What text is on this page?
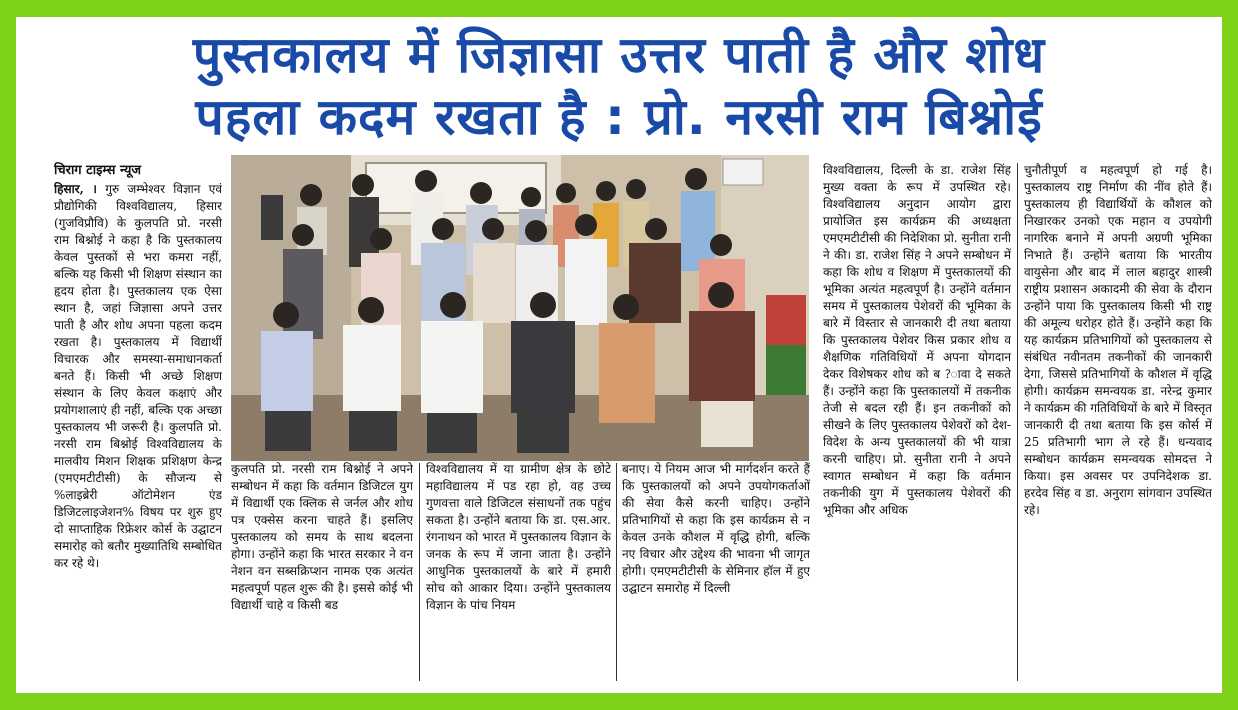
पुस्तकालय में जिज्ञासा उत्तर पाती है और शोध
पहला कदम रखता है : प्रो. नरसी राम बिश्नोई

चिराग टाइम्स न्यूज

हिसार, । गुरु जम्भेश्वर विज्ञान एवं प्रौद्योगिकी विश्वविद्यालय, हिसार (गुजविप्रौवि) के कुलपति प्रो. नरसी राम बिश्नोई ने कहा है कि पुस्तकालय केवल पुस्तकों से भरा कमरा नहीं, बल्कि यह किसी भी शिक्षण संस्थान का हृदय होता है। पुस्तकालय एक ऐसा स्थान है, जहां जिज्ञासा अपने उत्तर पाती है और शोध अपना पहला कदम रखता है। पुस्तकालय में विद्यार्थी विचारक और समस्या-समाधानकर्ता बनते हैं। किसी भी अच्छे शिक्षण संस्थान के लिए केवल कक्षाएं और प्रयोगशालाएं ही नहीं, बल्कि एक अच्छा पुस्तकालय भी जरूरी है। कुलपति प्रो. नरसी राम बिश्नोई विश्वविद्यालय के मालवीय मिशन शिक्षक प्रशिक्षण केन्द्र (एमएमटीटीसी) के सौजन्य से %लाइब्रेरी ऑटोमेशन एंड डिजिटलाइजेशन% विषय पर शुरु हुए दो साप्ताहिक रिफ्रेशर कोर्स के उद्घाटन समारोह को बतौर मुख्यातिथि सम्बोधित कर रहे थे।

कुलपति प्रो. नरसी राम बिश्नोई ने अपने सम्बोधन में कहा कि वर्तमान डिजिटल युग में विद्यार्थी एक क्लिक से जर्नल और शोध पत्र एक्सेस करना चाहते हैं। इसलिए पुस्तकालय को समय के साथ बदलना होगा। उन्होंने कहा कि भारत सरकार ने वन नेशन वन सब्सक्रिप्शन नामक एक अत्यंत महत्वपूर्ण पहल शुरू की है। इससे कोई भी विद्यार्थी चाहे व किसी बड

विश्वविद्यालय में या ग्रामीण क्षेत्र के छोटे महाविद्यालय में पड रहा हो, वह उच्च गुणवत्ता वाले डिजिटल संसाधनों तक पहुंच सकता है। उन्होंने बताया कि डा. एस.आर. रंगनाथन को भारत में पुस्तकालय विज्ञान के जनक के रूप में जाना जाता है। उन्होंने आधुनिक पुस्तकालयों के बारे में हमारी सोच को आकार दिया। उन्होंने पुस्तकालय विज्ञान के पांच नियम

बनाए। ये नियम आज भी मार्गदर्शन करते हैं कि पुस्तकालयों को अपने उपयोगकर्ताओं की सेवा कैसे करनी चाहिए। उन्होंने प्रतिभागियों से कहा कि इस कार्यक्रम से न केवल उनके कौशल में वृद्धि होगी, बल्कि नए विचार और उद्देश्य की भावना भी जागृत होगी। एमएमटीटीसी के सेमिनार हॉल में हुए उद्घाटन समारोह में दिल्ली

विश्वविद्यालय, दिल्ली के डा. राजेश सिंह मुख्य वक्ता के रूप में उपस्थित रहे। विश्वविद्यालय अनुदान आयोग द्वारा प्रायोजित इस कार्यक्रम की अध्यक्षता एमएमटीटीसी की निदेशिका प्रो. सुनीता रानी ने की। डा. राजेश सिंह ने अपने सम्बोधन में कहा कि शोध व शिक्षण में पुस्तकालयों की भूमिका अत्यंत महत्वपूर्ण है। उन्होंने वर्तमान समय में पुस्तकालय पेशेवरों की भूमिका के बारे में विस्तार से जानकारी दी तथा बताया कि पुस्तकालय पेशेवर किस प्रकार शोध व शैक्षणिक गतिविधियों में अपना योगदान देकर विशेषकर शोध को ब ?ावा दे सकते हैं। उन्होंने कहा कि पुस्तकालयों में तकनीक तेजी से बदल रही हैं। इन तकनीकों को सीखने के लिए पुस्तकालय पेशेवरों को देश-विदेश के अन्य पुस्तकालयों की भी यात्रा करनी चाहिए। प्रो. सुनीता रानी ने अपने स्वागत सम्बोधन में कहा कि वर्तमान तकनीकी युग में पुस्तकालय पेशेवरों की भूमिका और अधिक

चुनौतीपूर्ण व महत्वपूर्ण हो गई है। पुस्तकालय राष्ट्र निर्माण की नींव होते हैं। पुस्तकालय ही विद्यार्थियों के कौशल को निखारकर उनको एक महान व उपयोगी नागरिक बनाने में अपनी अग्रणी भूमिका निभाते हैं। उन्होंने बताया कि भारतीय वायुसेना और बाद में लाल बहादुर शास्त्री राष्ट्रीय प्रशासन अकादमी की सेवा के दौरान उन्होंने पाया कि पुस्तकालय किसी भी राष्ट्र की अमूल्य धरोहर होते हैं। उन्होंने कहा कि यह कार्यक्रम प्रतिभागियों को पुस्तकालय से संबंधित नवीनतम तकनीकों की जानकारी देगा, जिससे प्रतिभागियों के कौशल में वृद्धि होगी। कार्यक्रम समन्वयक डा. नरेन्द्र कुमार ने कार्यक्रम की गतिविधियों के बारे में विस्तृत जानकारी दी तथा बताया कि इस कोर्स में 25 प्रतिभागी भाग ले रहे हैं। धन्यवाद सम्बोधन कार्यक्रम समन्वयक सोमदत्त ने किया। इस अवसर पर उपनिदेशक डा. हरदेव सिंह व डा. अनुराग सांगवान उपस्थित रहे।
